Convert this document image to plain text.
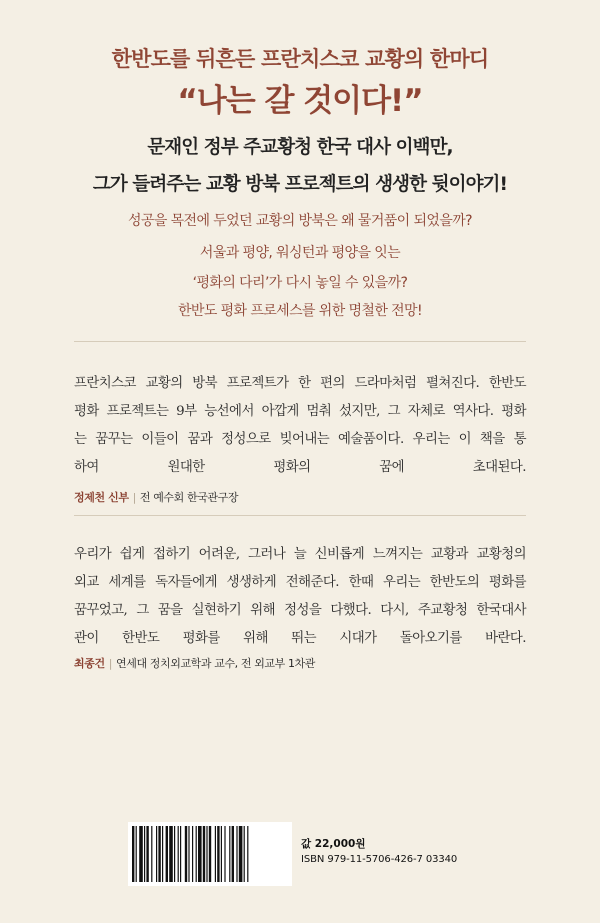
한반도를 뒤흔든 프란치스코 교황의 한마디
“나는 갈 것이다!”
문재인 정부 주교황청 한국 대사 이백만,
그가 들려주는 교황 방북 프로젝트의 생생한 뒷이야기!
성공을 목전에 두었던 교황의 방북은 왜 물거품이 되었을까?
서울과 평양, 워싱턴과 평양을 잇는
‘평화의 다리’가 다시 놓일 수 있을까?
한반도 평화 프로세스를 위한 명철한 전망!
프란치스코 교황의 방북 프로젝트가 한 편의 드라마처럼 펼쳐진다. 한반도
평화 프로젝트는 9부 능선에서 아깝게 멈춰 섰지만, 그 자체로 역사다. 평화
는 꿈꾸는 이들이 꿈과 정성으로 빚어내는 예술품이다. 우리는 이 책을 통
하여 원대한 평화의 꿈에 초대된다.
정제천 신부 | 전 예수회 한국관구장
우리가 쉽게 접하기 어려운, 그러나 늘 신비롭게 느껴지는 교황과 교황청의
외교 세계를 독자들에게 생생하게 전해준다. 한때 우리는 한반도의 평화를
꿈꾸었고, 그 꿈을 실현하기 위해 정성을 다했다. 다시, 주교황청 한국대사
관이 한반도 평화를 위해 뛰는 시대가 돌아오기를 바란다.
최종건 | 연세대 정치외교학과 교수, 전 외교부 1차관
값 22,000원
ISBN 979-11-5706-426-7 03340
